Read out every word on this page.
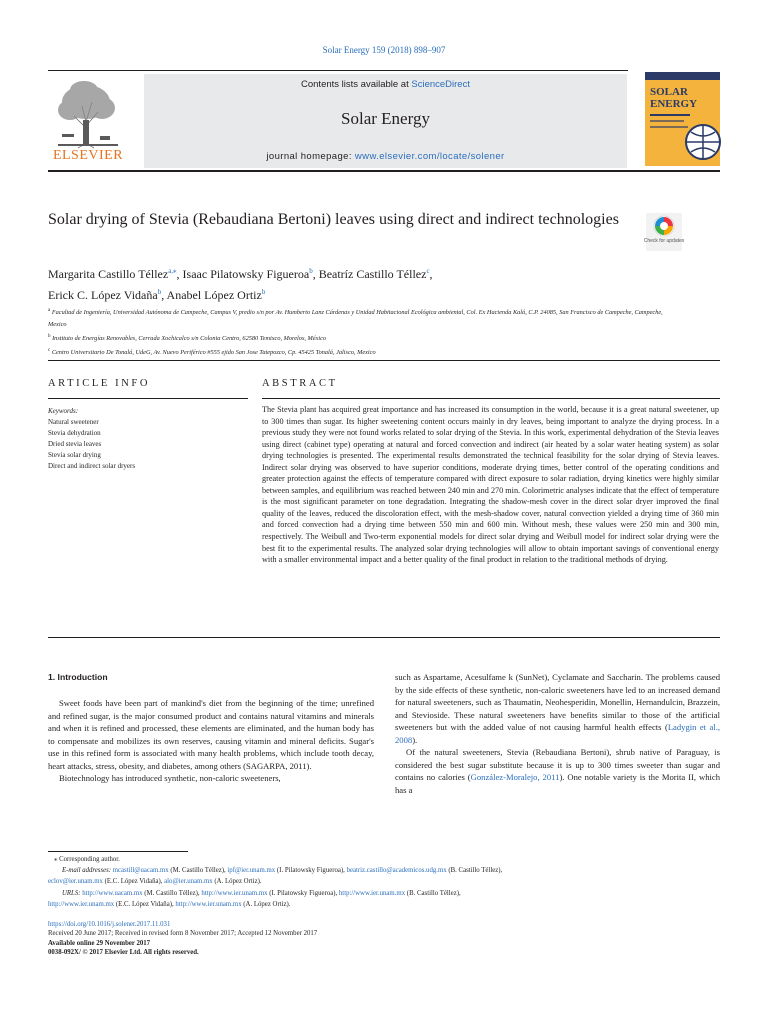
Solar Energy 159 (2018) 898–907
ELSEVIER
Contents lists available at ScienceDirect
Solar Energy
journal homepage: www.elsevier.com/locate/solener
SOLAR
ENERGY
Solar drying of Stevia (Rebaudiana Bertoni) leaves using direct and indirect technologies
Check for updates
Margarita Castillo Téllez$^{a,⁎}$, Isaac Pilatowsky Figueroa$^b$, Beatríz Castillo Téllez$^c$,
Erick C. López Vidaña$^b$, Anabel López Ortiz$^b$
$^a$ Facultad de Ingeniería, Universidad Autónoma de Campeche, Campus V, predio s/n por Av. Humberto Lanz Cárdenas y Unidad Habitacional Ecológica ambiental, Col. Ex Hacienda Kalá, C.P. 24085, San Francisco de Campeche, Campeche, Mexico
$^b$ Instituto de Energías Renovables, Cerrada Xochicalco s/n Colonia Centro, 62580 Temixco, Morelos, México
$^c$ Centro Universitario De Tonalá, UdeG, Av. Nuevo Periférico #555 ejido San Jose Tatepozco, Cp. 45425 Tonalá, Jalisco, Mexico
ARTICLE INFO	ABSTRACT
Keywords:
Natural sweetener
Stevia dehydration
Dried stevia leaves
Stevia solar drying
Direct and indirect solar dryers
The Stevia plant has acquired great importance and has increased its consumption in the world, because it is a great natural sweetener, up to 300 times than sugar. Its higher sweetening content occurs mainly in dry leaves, being important to analyze the drying process. In a previous study they were not found works related to solar drying of the Stevia. In this work, experimental dehydration of the Stevia leaves using direct (cabinet type) operating at natural and forced convection and indirect (air heated by a solar water heating system) as solar drying technologies is presented. The experimental results demonstrated the technical feasibility for the solar drying of Stevia leaves. Indirect solar drying was observed to have superior conditions, moderate drying times, better control of the operating conditions and greater protection against the effects of temperature compared with direct exposure to solar radiation, drying kinetics were highly similar between samples, and equilibrium was reached between 240 min and 270 min. Colorimetric analyses indicate that the effect of temperature is the most significant parameter on tone degradation. Integrating the shadow-mesh cover in the direct solar dryer improved the final quality of the leaves, reduced the discoloration effect, with the mesh-shadow cover, natural convection yielded a drying time of 360 min and forced convection had a drying time between 550 min and 600 min. Without mesh, these values were 250 min and 300 min, respectively. The Weibull and Two-term exponential models for direct solar drying and Weibull model for indirect solar drying were the best fit to the experimental results. The analyzed solar drying technologies will allow to obtain important savings of conventional energy with a smaller environmental impact and a better quality of the final product in relation to the traditional methods of drying.
1. Introduction

Sweet foods have been part of mankind's diet from the beginning of the time; unrefined and refined sugar, is the major consumed product and contains natural vitamins and minerals and when it is refined and processed, these elements are eliminated, and the human body has to compensate and mobilizes its own reserves, causing vitamin and mineral deficits. Sugar's use in this refined form is associated with many health problems, which include tooth decay, heart attacks, stress, obesity, and diabetes, among others (SAGARPA, 2011).

Biotechnology has introduced synthetic, non-caloric sweeteners,

such as Aspartame, Acesulfame k (SunNet), Cyclamate and Saccharin. The problems caused by the side effects of these synthetic, non-caloric sweeteners have led to an increased demand for natural sweeteners, such as Thaumatin, Neohesperidin, Monellin, Hernandulcin, Brazzein, and Stevioside. These natural sweeteners have benefits similar to those of the artificial sweeteners but with the added value of not causing harmful health effects (Ladygin et al., 2008).

Of the natural sweeteners, Stevia (Rebaudiana Bertoni), shrub native of Paraguay, is considered the best sugar substitute because it is up to 300 times sweeter than sugar and contains no calories (González-Moralejo, 2011). One notable variety is the Morita II, which has a

⁎ Corresponding author.
E-mail addresses: mcastill@uacam.mx (M. Castillo Téllez), ipf@ier.unam.mx (I. Pilatowsky Figueroa), beatriz.castillo@academicos.udg.mx (B. Castillo Téllez),
eclov@ier.unam.mx (E.C. López Vidaña), alo@ier.unam.mx (A. López Ortiz).
URLS: http://www.uacam.mx (M. Castillo Téllez), http://www.ier.unam.mx (I. Pilatowsky Figueroa), http://www.ier.unam.mx (B. Castillo Téllez),
http://www.ier.unam.mx (E.C. López Vidaña), http://www.ier.unam.mx (A. López Ortiz).
https://doi.org/10.1016/j.solener.2017.11.031
Received 20 June 2017; Received in revised form 8 November 2017; Accepted 12 November 2017
Available online 29 November 2017
0038-092X/ © 2017 Elsevier Ltd. All rights reserved.
